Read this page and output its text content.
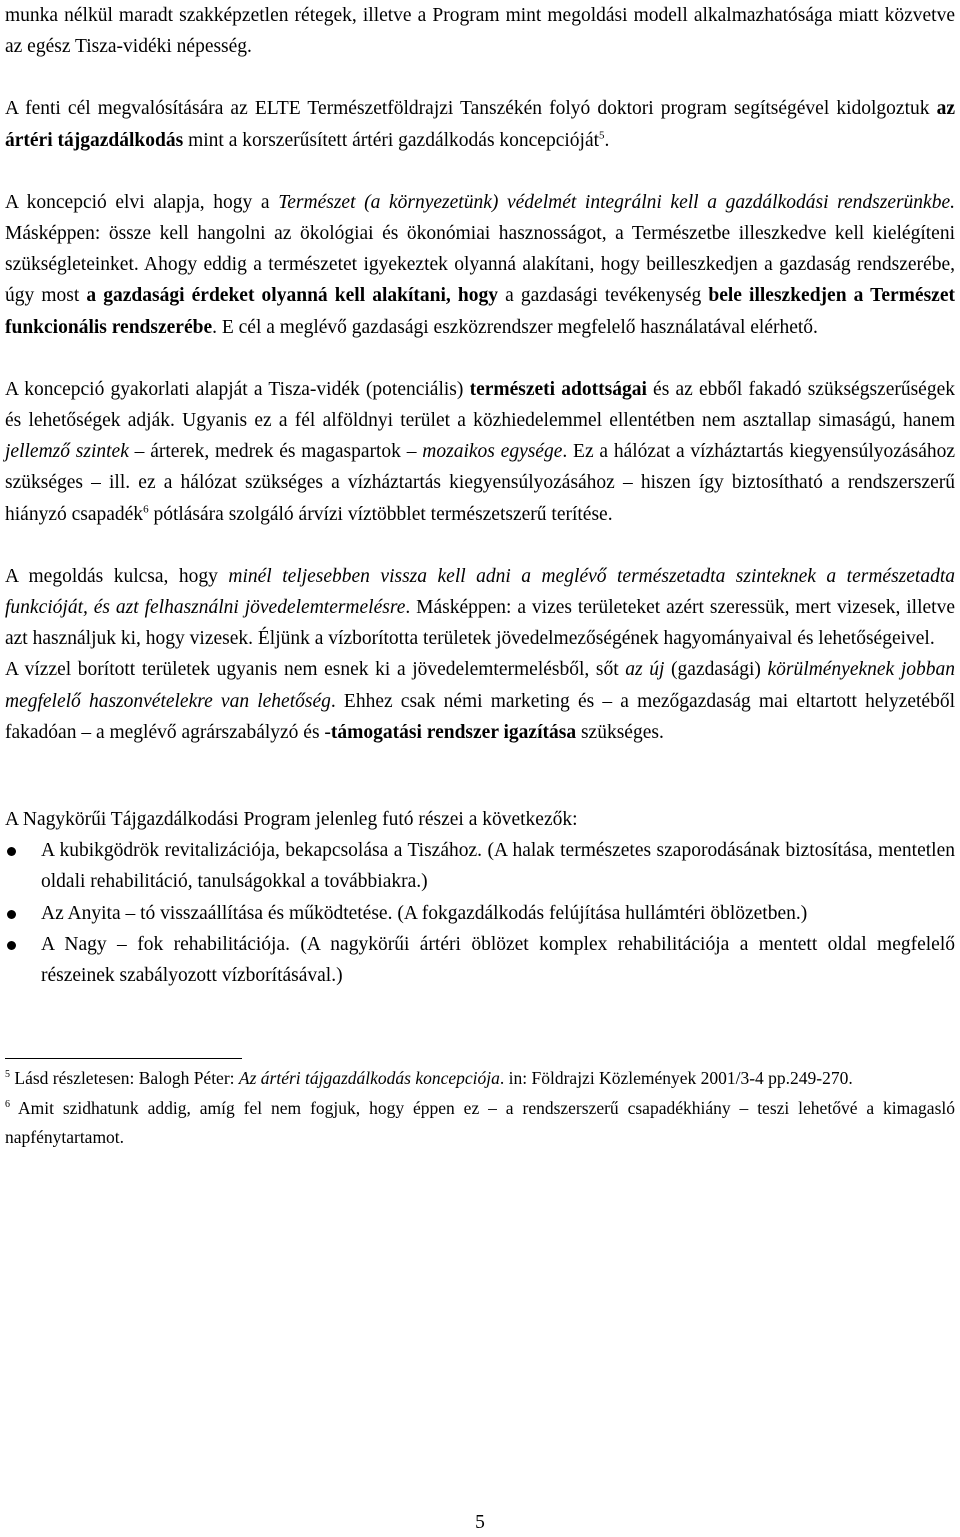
munka nélkül maradt szakképzetlen rétegek, illetve a Program mint megoldási modell alkalmazhatósága miatt közvetve az egész Tisza-vidéki népesség.

A fenti cél megvalósítására az ELTE Természetföldrajzi Tanszékén folyó doktori program segítségével kidolgoztuk az ártéri tájgazdálkodás mint a korszerűsített ártéri gazdálkodás koncepcióját$^5$.

A koncepció elvi alapja, hogy a Természet (a környezetünk) védelmét integrálni kell a gazdálkodási rendszerünkbe. Másképpen: össze kell hangolni az ökológiai és ökonómiai hasznosságot, a Természetbe illeszkedve kell kielégíteni szükségleteinket. Ahogy eddig a természetet igyekeztek olyanná alakítani, hogy beilleszkedjen a gazdaság rendszerébe, úgy most a gazdasági érdeket olyanná kell alakítani, hogy a gazdasági tevékenység bele illeszkedjen a Természet funkcionális rendszerébe. E cél a meglévő gazdasági eszközrendszer megfelelő használatával elérhető.

A koncepció gyakorlati alapját a Tisza-vidék (potenciális) természeti adottságai és az ebből fakadó szükségszerűségek és lehetőségek adják. Ugyanis ez a fél alföldnyi terület a közhiedelemmel ellentétben nem asztallap simaságú, hanem jellemző szintek – árterek, medrek és magaspartok – mozaikos egysége. Ez a hálózat a vízháztartás kiegyensúlyozásához szükséges – ill. ez a hálózat szükséges a vízháztartás kiegyensúlyozásához – hiszen így biztosítható a rendszerszerű hiányzó csapadék$^6$ pótlására szolgáló árvízi víztöbblet természetszerű terítése.

A megoldás kulcsa, hogy minél teljesebben vissza kell adni a meglévő természetadta szinteknek a természetadta funkcióját, és azt felhasználni jövedelemtermelésre. Másképpen: a vizes területeket azért szeressük, mert vizesek, illetve azt használjuk ki, hogy vizesek. Éljünk a vízborította területek jövedelmezőségének hagyományaival és lehetőségeivel.

A vízzel borított területek ugyanis nem esnek ki a jövedelemtermelésből, sőt az új (gazdasági) körülményeknek jobban megfelelő haszonvételekre van lehetőség. Ehhez csak némi marketing és – a mezőgazdaság mai eltartott helyzetéből fakadóan – a meglévő agrárszabályzó és -támogatási rendszer igazítása szükséges.

A Nagykörűi Tájgazdálkodási Program jelenleg futó részei a következők:

A kubikgödrök revitalizációja, bekapcsolása a Tiszához. (A halak természetes szaporodásának biztosítása, mentetlen oldali rehabilitáció, tanulságokkal a továbbiakra.)
Az Anyita – tó visszaállítása és működtetése. (A fokgazdálkodás felújítása hullámtéri öblözetben.)
A Nagy – fok rehabilitációja. (A nagykörűi ártéri öblözet komplex rehabilitációja a mentett oldal megfelelő részeinek szabályozott vízborításával.)

$^5$ Lásd részletesen: Balogh Péter: Az ártéri tájgazdálkodás koncepciója. in: Földrajzi Közlemények 2001/3-4 pp.249-270.

$^6$ Amit szidhatunk addig, amíg fel nem fogjuk, hogy éppen ez – a rendszerszerű csapadékhiány – teszi lehetővé a kimagasló napfénytartamot.

5
